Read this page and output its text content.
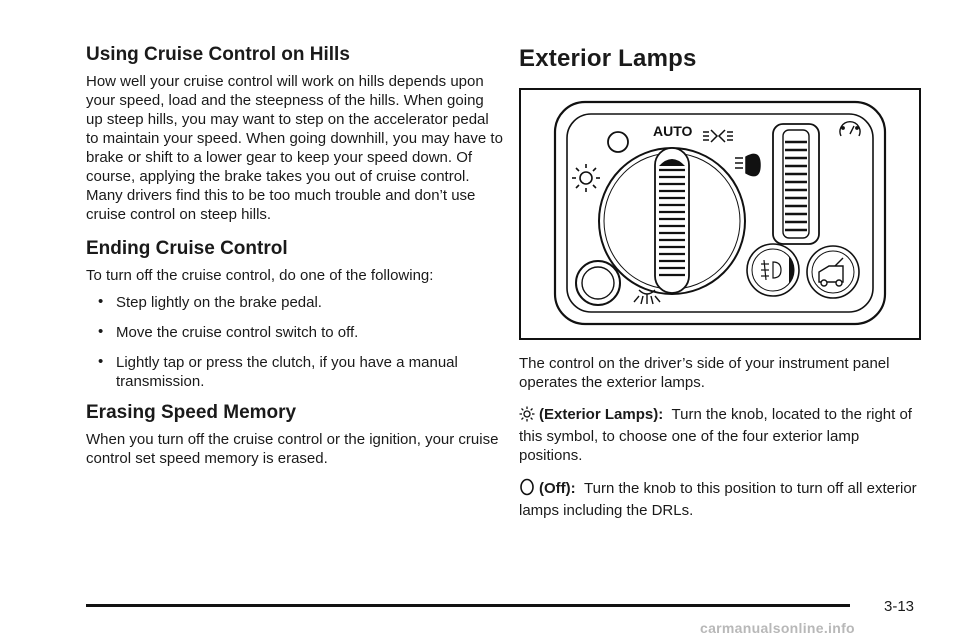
Using Cruise Control on Hills

How well your cruise control will work on hills depends upon your speed, load and the steepness of the hills. When going up steep hills, you may want to step on the accelerator pedal to maintain your speed. When going downhill, you may have to brake or shift to a lower gear to keep your speed down. Of course, applying the brake takes you out of cruise control. Many drivers find this to be too much trouble and don’t use cruise control on steep hills.

Ending Cruise Control

To turn off the cruise control, do one of the following:

• Step lightly on the brake pedal.
• Move the cruise control switch to off.
• Lightly tap or press the clutch, if you have a manual transmission.
Erasing Speed Memory

When you turn off the cruise control or the ignition, your cruise control set speed memory is erased.

Exterior Lamps
AUTO

The control on the driver’s side of your instrument panel operates the exterior lamps.

(Exterior Lamps): Turn the knob, located to the right of this symbol, to choose one of the four exterior lamp positions.

(Off): Turn the knob to this position to turn off all exterior lamps including the DRLs.

3-13
carmanualsonline.info
